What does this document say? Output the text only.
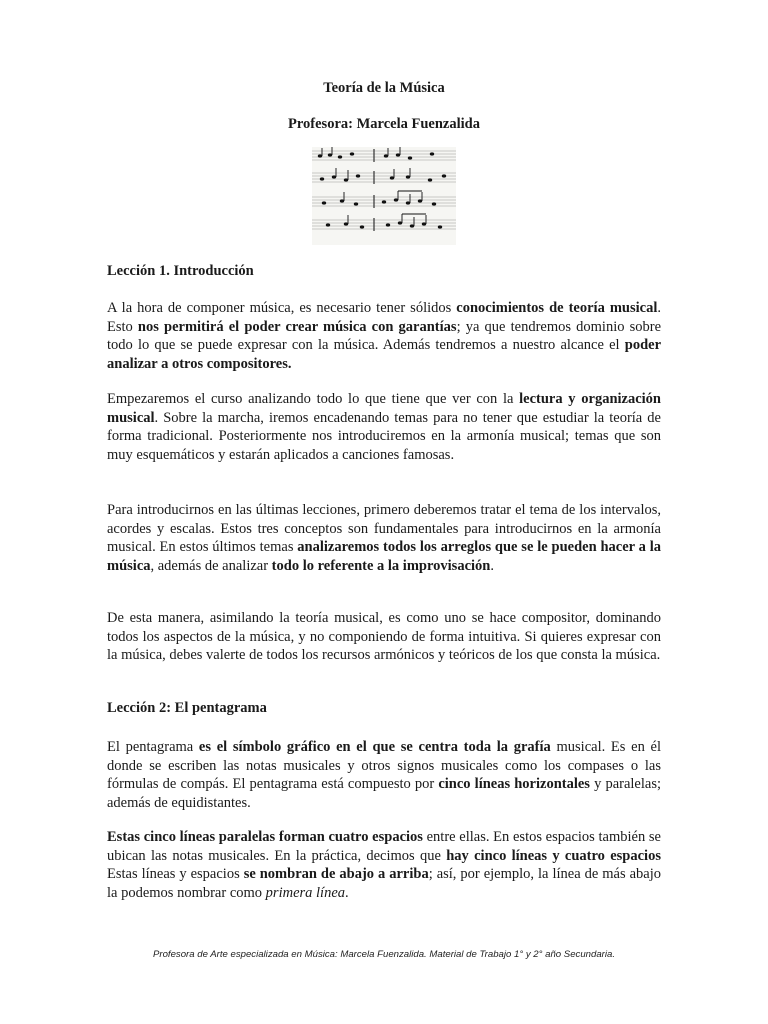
Teoría de la Música
Profesora: Marcela Fuenzalida
Lección 1. Introducción

A la hora de componer música, es necesario tener sólidos conocimientos de teoría musical. Esto nos permitirá el poder crear música con garantías; ya que tendremos dominio sobre todo lo que se puede expresar con la música. Además tendremos a nuestro alcance el poder analizar a otros compositores.

Empezaremos el curso analizando todo lo que tiene que ver con la lectura y organización musical. Sobre la marcha, iremos encadenando temas para no tener que estudiar la teoría de forma tradicional. Posteriormente nos introduciremos en la armonía musical; temas que son muy esquemáticos y estarán aplicados a canciones famosas.

Para introducirnos en las últimas lecciones, primero deberemos tratar el tema de los intervalos, acordes y escalas. Estos tres conceptos son fundamentales para introducirnos en la armonía musical. En estos últimos temas analizaremos todos los arreglos que se le pueden hacer a la música, además de analizar todo lo referente a la improvisación.

De esta manera, asimilando la teoría musical, es como uno se hace compositor, dominando todos los aspectos de la música, y no componiendo de forma intuitiva. Si quieres expresar con la música, debes valerte de todos los recursos armónicos y teóricos de los que consta la música.

Lección 2: El pentagrama

El pentagrama es el símbolo gráfico en el que se centra toda la grafía musical. Es en él donde se escriben las notas musicales y otros signos musicales como los compases o las fórmulas de compás. El pentagrama está compuesto por cinco líneas horizontales y paralelas; además de equidistantes.

Estas cinco líneas paralelas forman cuatro espacios entre ellas. En estos espacios también se ubican las notas musicales. En la práctica, decimos que hay cinco líneas y cuatro espacios Estas líneas y espacios se nombran de abajo a arriba; así, por ejemplo, la línea de más abajo la podemos nombrar como primera línea.

Profesora de Arte especializada en Música: Marcela Fuenzalida. Material de Trabajo 1° y 2° año Secundaria.
